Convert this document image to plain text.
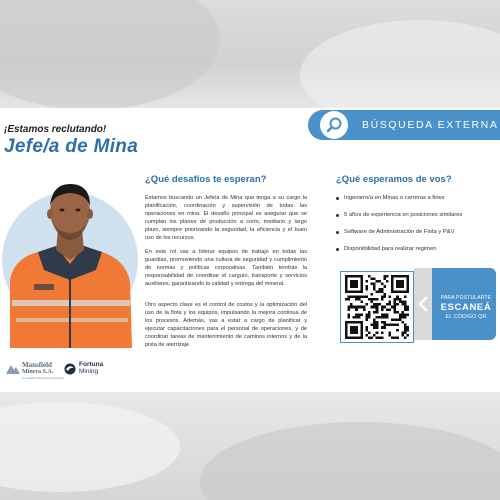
BÚSQUEDA EXTERNA
¡Estamos reclutando!
Jefe/a de Mina
Mansfield
Minera S.A.
Compañía Minera de Argentina
Fortuna
Mining
¿Qué desafíos te esperan?

Estamos buscando un Jefe/a de Mina que tenga a su cargo la planificación, coordinación y supervisión de todas las operaciones en mina. El desafío principal es asegurar que se cumplan los planes de producción a corto, mediano y largo plazo, siempre priorizando la seguridad, la eficiencia y el buen uso de los recursos.

En este rol vas a liderar equipos de trabajo en todas las guardias, promoviendo una cultura de seguridad y cumplimiento de normas y políticas corporativas. También tendrás la responsabilidad de coordinar el carguío, transporte y servicios auxiliares, garantizando la calidad y entrega del mineral.

Otro aspecto clave es el control de costos y la optimización del uso de la flota y los equipos, impulsando la mejora continua de los procesos. Además, vas a estar a cargo de planificar y ejecutar capacitaciones para el personal de operaciones, y de coordinar tareas de mantenimiento de caminos internos y de la pista de aterrizaje.

¿Qué esperamos de vos?
Ingeniero/a en Minas o carreras a fines
5 años de experiencia en posiciones similares
Software de Administración de Flota y P&V
Disponibilidad para realizar regimen
PARA POSTULARTE
ESCANEÁ
EL CÓDIGO QR
